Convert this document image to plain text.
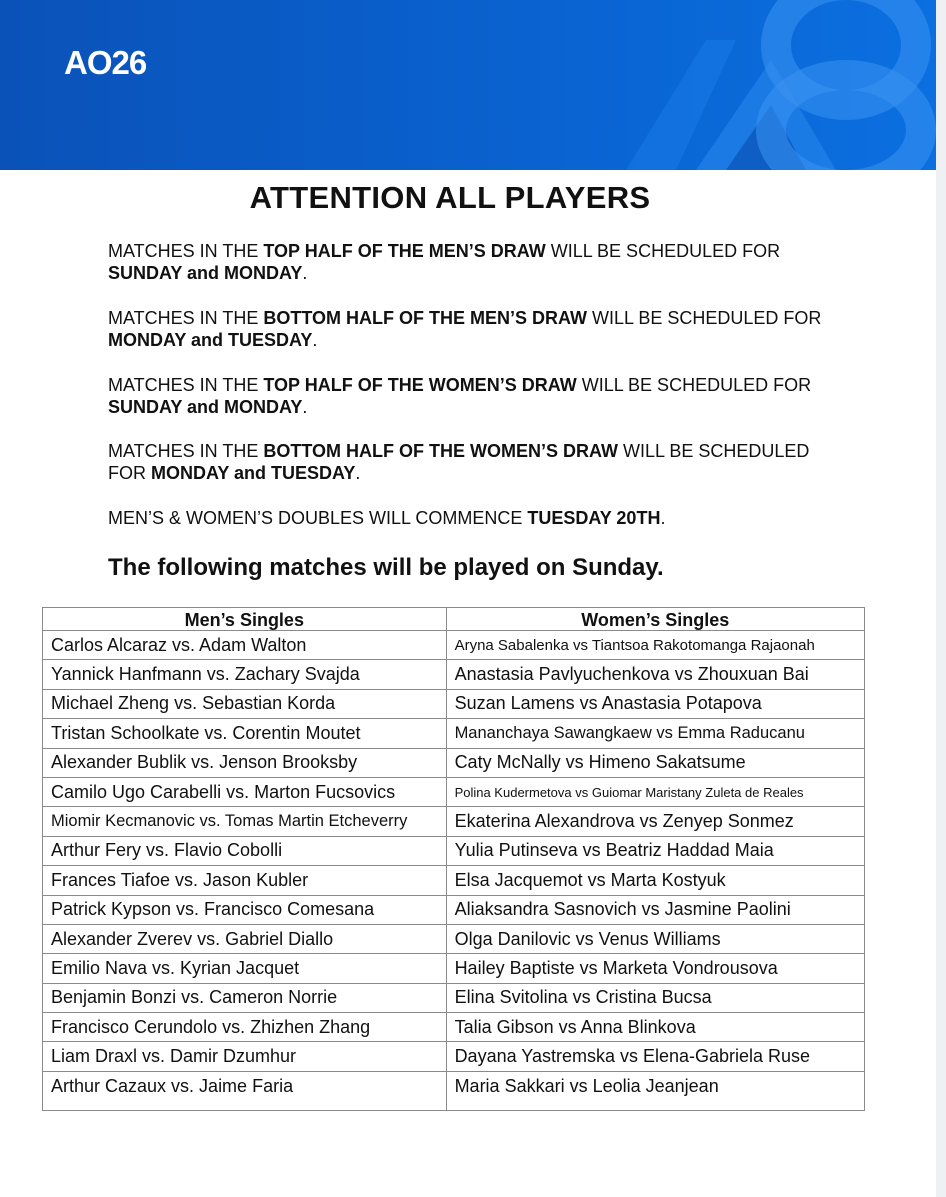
AO26
ATTENTION ALL PLAYERS

MATCHES IN THE TOP HALF OF THE MEN’S DRAW WILL BE SCHEDULED FOR SUNDAY and MONDAY.

MATCHES IN THE BOTTOM HALF OF THE MEN’S DRAW WILL BE SCHEDULED FOR MONDAY and TUESDAY.

MATCHES IN THE TOP HALF OF THE WOMEN’S DRAW WILL BE SCHEDULED FOR SUNDAY and MONDAY.

MATCHES IN THE BOTTOM HALF OF THE WOMEN’S DRAW WILL BE SCHEDULED FOR MONDAY and TUESDAY.

MEN’S & WOMEN’S DOUBLES WILL COMMENCE TUESDAY 20TH.

The following matches will be played on Sunday.
Men’s Singles	Women’s Singles
Carlos Alcaraz vs. Adam Walton	Aryna Sabalenka vs Tiantsoa Rakotomanga Rajaonah
Yannick Hanfmann vs. Zachary Svajda	Anastasia Pavlyuchenkova vs Zhouxuan Bai
Michael Zheng vs. Sebastian Korda	Suzan Lamens vs Anastasia Potapova
Tristan Schoolkate vs. Corentin Moutet	Mananchaya Sawangkaew vs Emma Raducanu
Alexander Bublik vs. Jenson Brooksby	Caty McNally vs Himeno Sakatsume
Camilo Ugo Carabelli vs. Marton Fucsovics	Polina Kudermetova vs Guiomar Maristany Zuleta de Reales
Miomir Kecmanovic vs. Tomas Martin Etcheverry	Ekaterina Alexandrova vs Zenyep Sonmez
Arthur Fery vs. Flavio Cobolli	Yulia Putinseva vs Beatriz Haddad Maia
Frances Tiafoe vs. Jason Kubler	Elsa Jacquemot vs Marta Kostyuk
Patrick Kypson vs. Francisco Comesana	Aliaksandra Sasnovich vs Jasmine Paolini
Alexander Zverev vs. Gabriel Diallo	Olga Danilovic vs Venus Williams
Emilio Nava vs. Kyrian Jacquet	Hailey Baptiste vs Marketa Vondrousova
Benjamin Bonzi vs. Cameron Norrie	Elina Svitolina vs Cristina Bucsa
Francisco Cerundolo vs. Zhizhen Zhang	Talia Gibson vs Anna Blinkova
Liam Draxl vs. Damir Dzumhur	Dayana Yastremska vs Elena-Gabriela Ruse
Arthur Cazaux vs. Jaime Faria	Maria Sakkari vs Leolia Jeanjean
